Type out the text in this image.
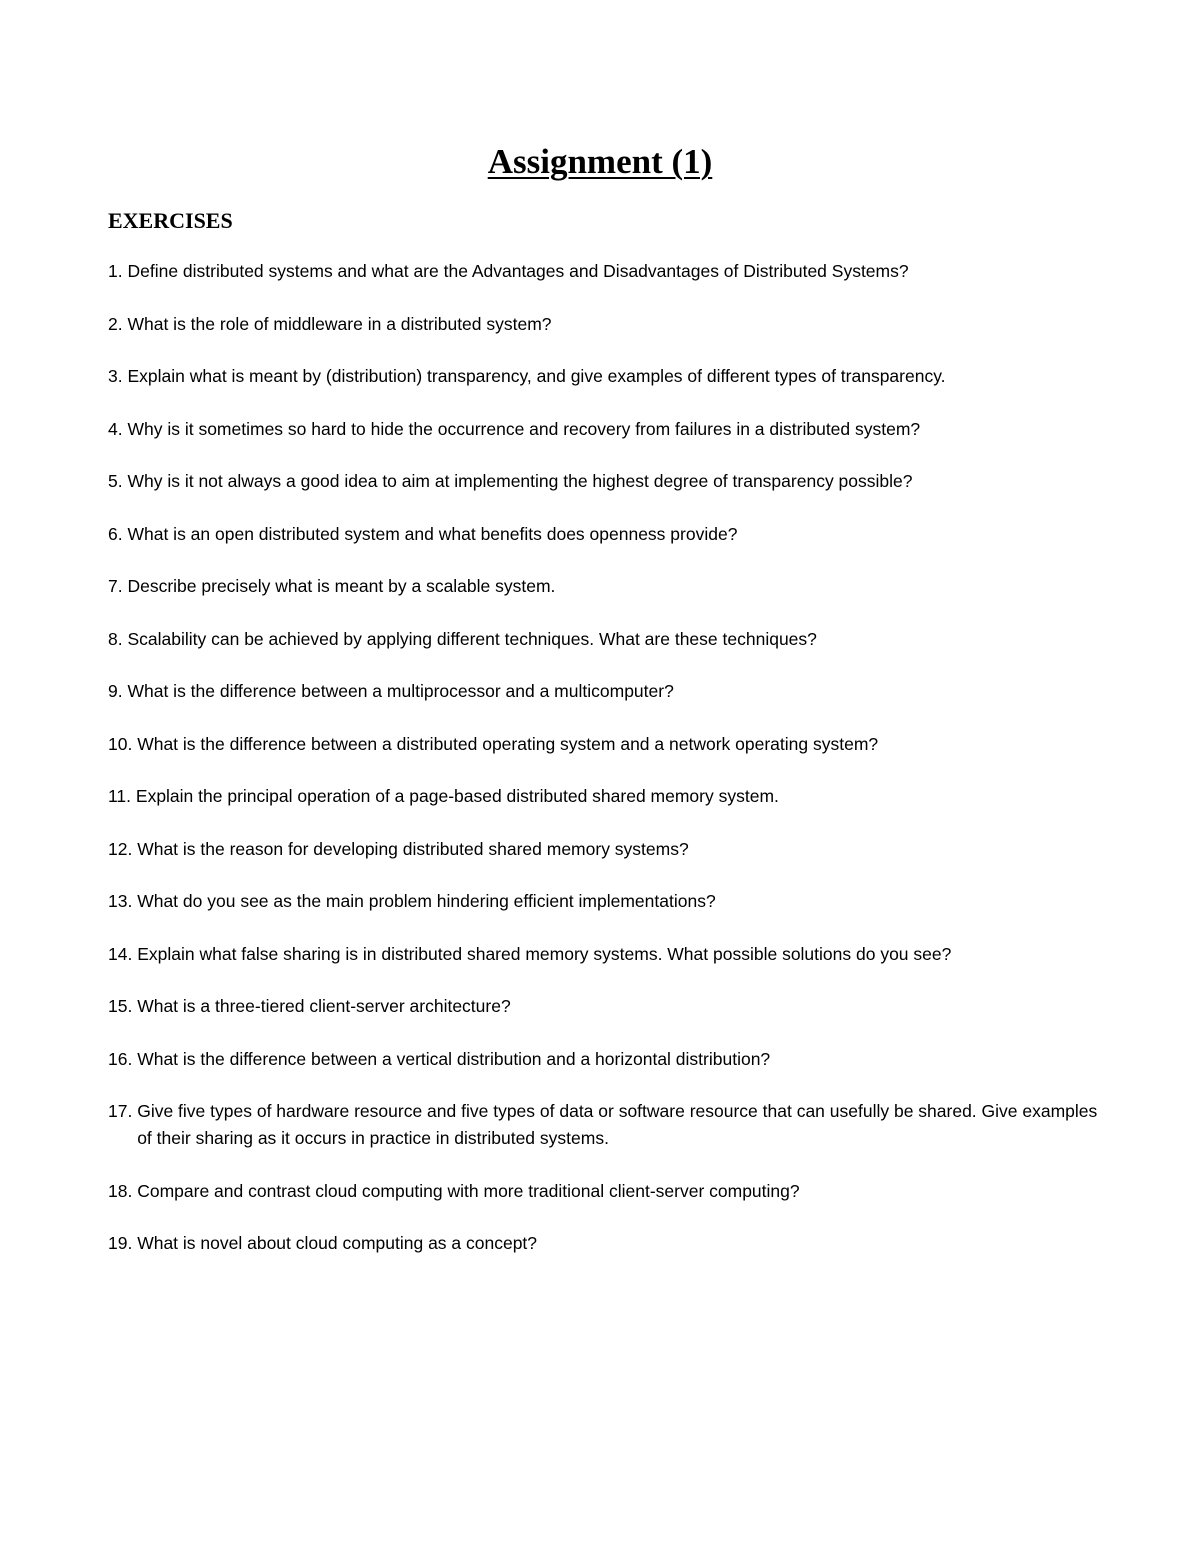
Assignment (1)
EXERCISES
1. Define distributed systems and what are the Advantages and Disadvantages of Distributed Systems?
2. What is the role of middleware in a distributed system?
3. Explain what is meant by (distribution) transparency, and give examples of different types of transparency.
4. Why is it sometimes so hard to hide the occurrence and recovery from failures in a distributed system?
5. Why is it not always a good idea to aim at implementing the highest degree of transparency possible?
6. What is an open distributed system and what benefits does openness provide?
7. Describe precisely what is meant by a scalable system.
8. Scalability can be achieved by applying different techniques. What are these techniques?
9. What is the difference between a multiprocessor and a multicomputer?
10. What is the difference between a distributed operating system and a network operating system?
11. Explain the principal operation of a page-based distributed shared memory system.
12. What is the reason for developing distributed shared memory systems?
13. What do you see as the main problem hindering efficient implementations?
14. Explain what false sharing is in distributed shared memory systems. What possible solutions do you see?
15. What is a three-tiered client-server architecture?
16. What is the difference between a vertical distribution and a horizontal distribution?
17. Give five types of hardware resource and five types of data or software resource that can usefully be shared. Give examples of their sharing as it occurs in practice in distributed systems.
18. Compare and contrast cloud computing with more traditional client-server computing?
19. What is novel about cloud computing as a concept?
